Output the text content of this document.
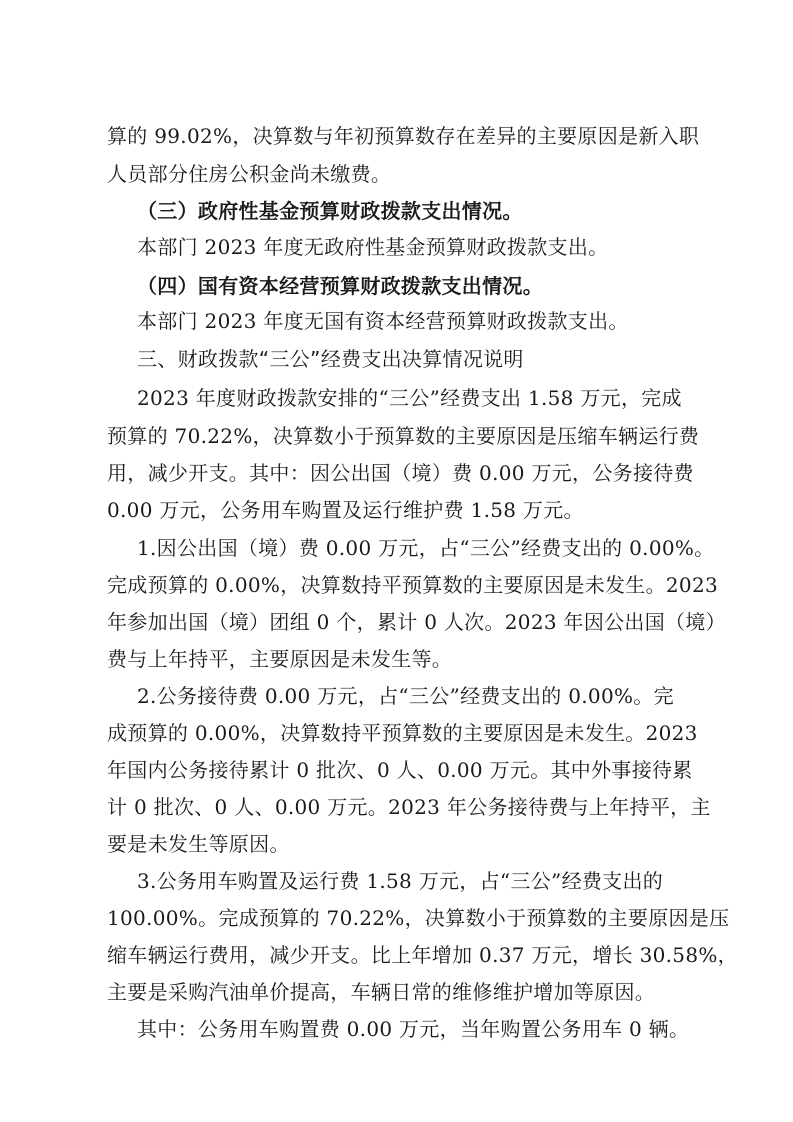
算的 99.02%，决算数与年初预算数存在差异的主要原因是新入职
人员部分住房公积金尚未缴费。
（三）政府性基金预算财政拨款支出情况。
本部门 2023 年度无政府性基金预算财政拨款支出。
（四）国有资本经营预算财政拨款支出情况。
本部门 2023 年度无国有资本经营预算财政拨款支出。
三、财政拨款“三公”经费支出决算情况说明
2023 年度财政拨款安排的“三公”经费支出 1.58 万元，完成
预算的 70.22%，决算数小于预算数的主要原因是压缩车辆运行费
用，减少开支。其中：因公出国（境）费 0.00 万元，公务接待费
0.00 万元，公务用车购置及运行维护费 1.58 万元。
1.因公出国（境）费 0.00 万元，占“三公”经费支出的 0.00%。
完成预算的 0.00%，决算数持平预算数的主要原因是未发生。2023
年参加出国（境）团组 0 个，累计 0 人次。2023 年因公出国（境）
费与上年持平，主要原因是未发生等。
2.公务接待费 0.00 万元，占“三公”经费支出的 0.00%。完
成预算的 0.00%，决算数持平预算数的主要原因是未发生。2023
年国内公务接待累计 0 批次、0 人、0.00 万元。其中外事接待累
计 0 批次、0 人、0.00 万元。2023 年公务接待费与上年持平，主
要是未发生等原因。
3.公务用车购置及运行费 1.58 万元，占“三公”经费支出的
100.00%。完成预算的 70.22%，决算数小于预算数的主要原因是压
缩车辆运行费用，减少开支。比上年增加 0.37 万元，增长 30.58%，
主要是采购汽油单价提高，车辆日常的维修维护增加等原因。
其中：公务用车购置费 0.00 万元，当年购置公务用车 0 辆。
